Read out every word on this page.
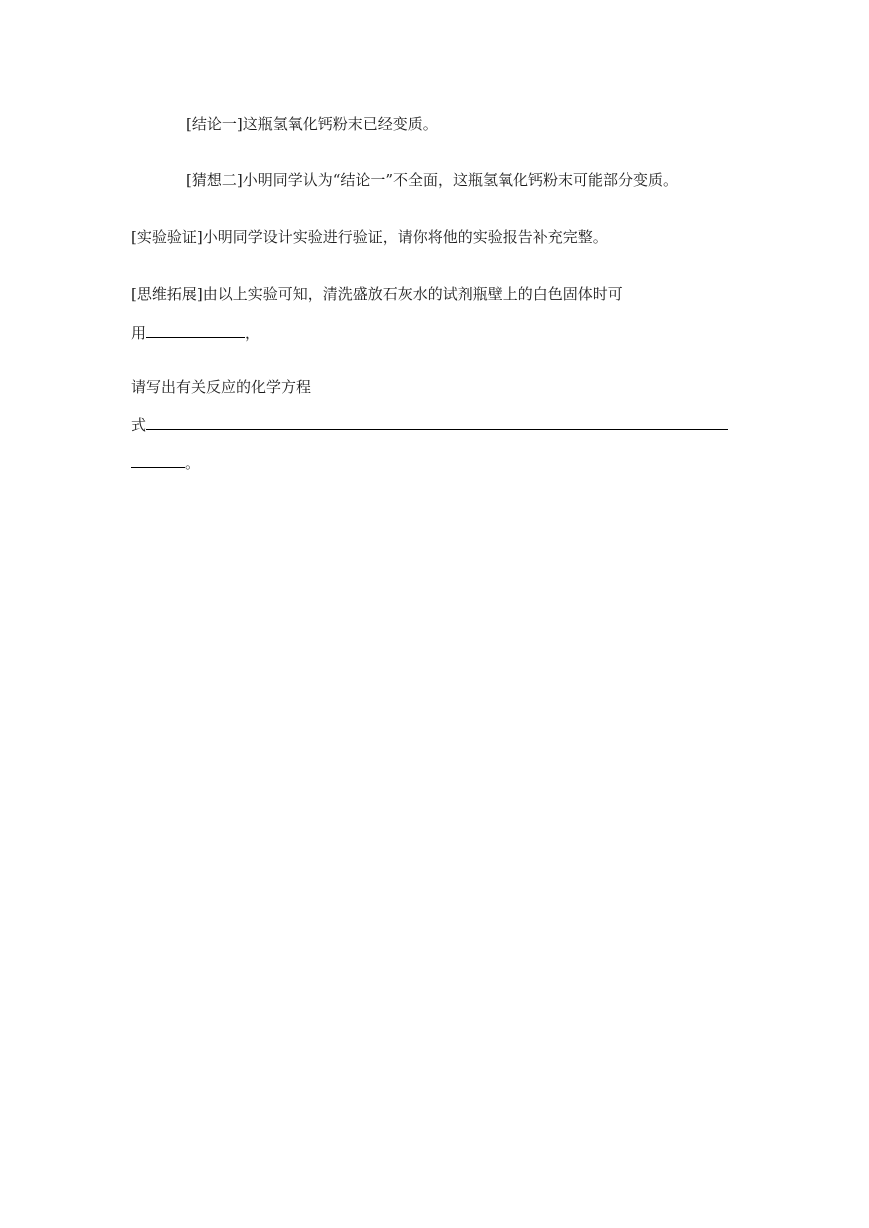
[结论一]这瓶氢氧化钙粉末已经变质。
[猜想二]小明同学认为“结论一”不全面，这瓶氢氧化钙粉末可能部分变质。
[实验验证]小明同学设计实验进行验证，请你将他的实验报告补充完整。
[思维拓展]由以上实验可知，清洗盛放石灰水的试剂瓶壁上的白色固体时可
用	，
请写出有关反应的化学方程
式
。
